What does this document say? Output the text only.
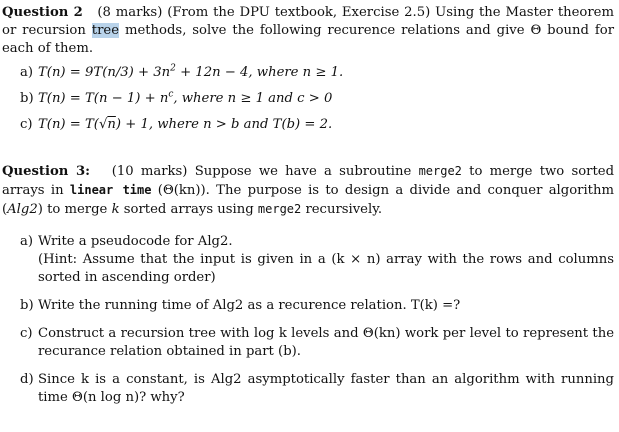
Question 2 (8 marks) (From the DPU textbook, Exercise 2.5) Using the Master theorem or recursion tree methods, solve the following recurence relations and give Θ bound for each of them.

a) $T(n) = 9T(n/3) + 3n^2 + 12n - 4$, where n ≥ 1.
b) $T(n) = T(n - 1) + n^c$, where n ≥ 1 and c > 0
c) T(n) = T(√n) + 1, where n > b and T(b) = 2.

Question 3: (10 marks) Suppose we have a subroutine merge2 to merge two sorted arrays in linear time (Θ(kn)). The purpose is to design a divide and conquer algorithm (Alg2) to merge k sorted arrays using merge2 recursively.

a) Write a pseudocode for Alg2.
(Hint: Assume that the input is given in a (k × n) array with the rows and columns sorted in ascending order)
b) Write the running time of Alg2 as a recurence relation. T(k) =?
c) Construct a recursion tree with log k levels and Θ(kn) work per level to represent the recurance relation obtained in part (b).
d) Since k is a constant, is Alg2 asymptotically faster than an algorithm with running time Θ(n log n)? why?
